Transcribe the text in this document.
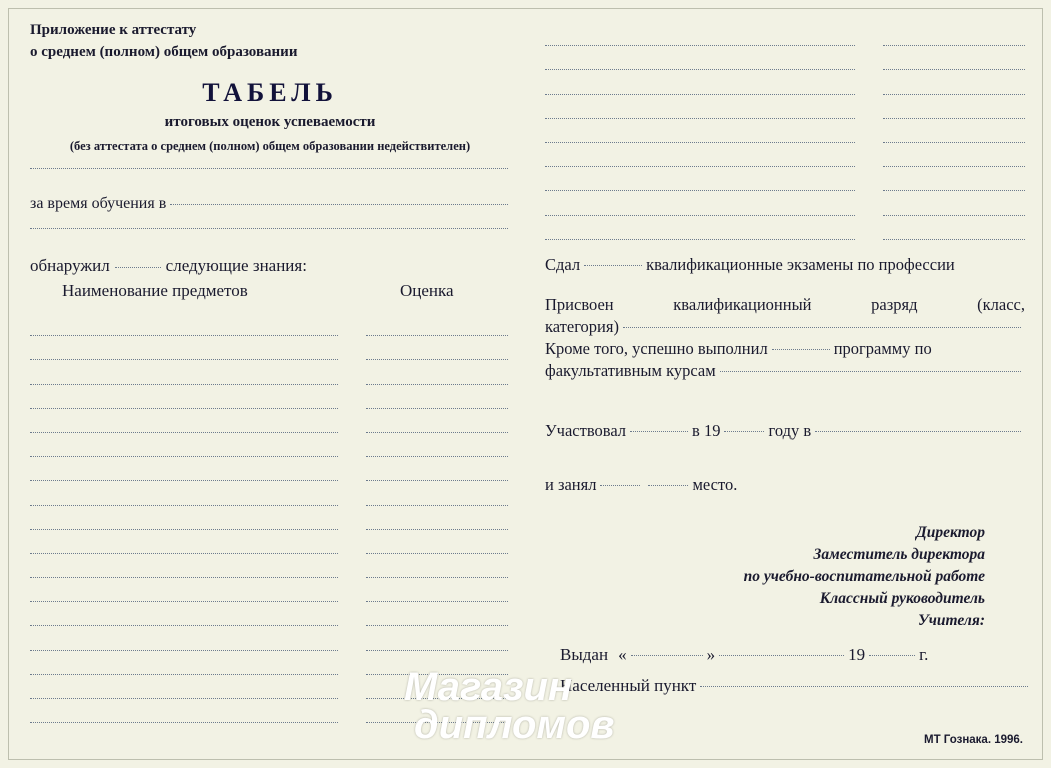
Приложение к аттестату
о среднем (полном) общем образовании
ТАБЕЛЬ
итоговых оценок успеваемости
(без аттестата о среднем (полном) общем образовании недействителен)
за время обучения в
обнаружил	следующие знания:
Наименование предметов	Оценка
Сдал	квалификационные экзамены по профессии
Присвоен	квалификационный	разряд	(класс,
категория)
Кроме того, успешно выполнил	программу по
факультативным курсам
Участвовал	в 19	году в
и занял	место.
Директор
Заместитель директора
по учебно-воспитательной работе
Классный руководитель
Учителя:
Выдан «	»	19	г.
Населенный пункт
МТ Гознака. 1996.
Магазин
дипломов
